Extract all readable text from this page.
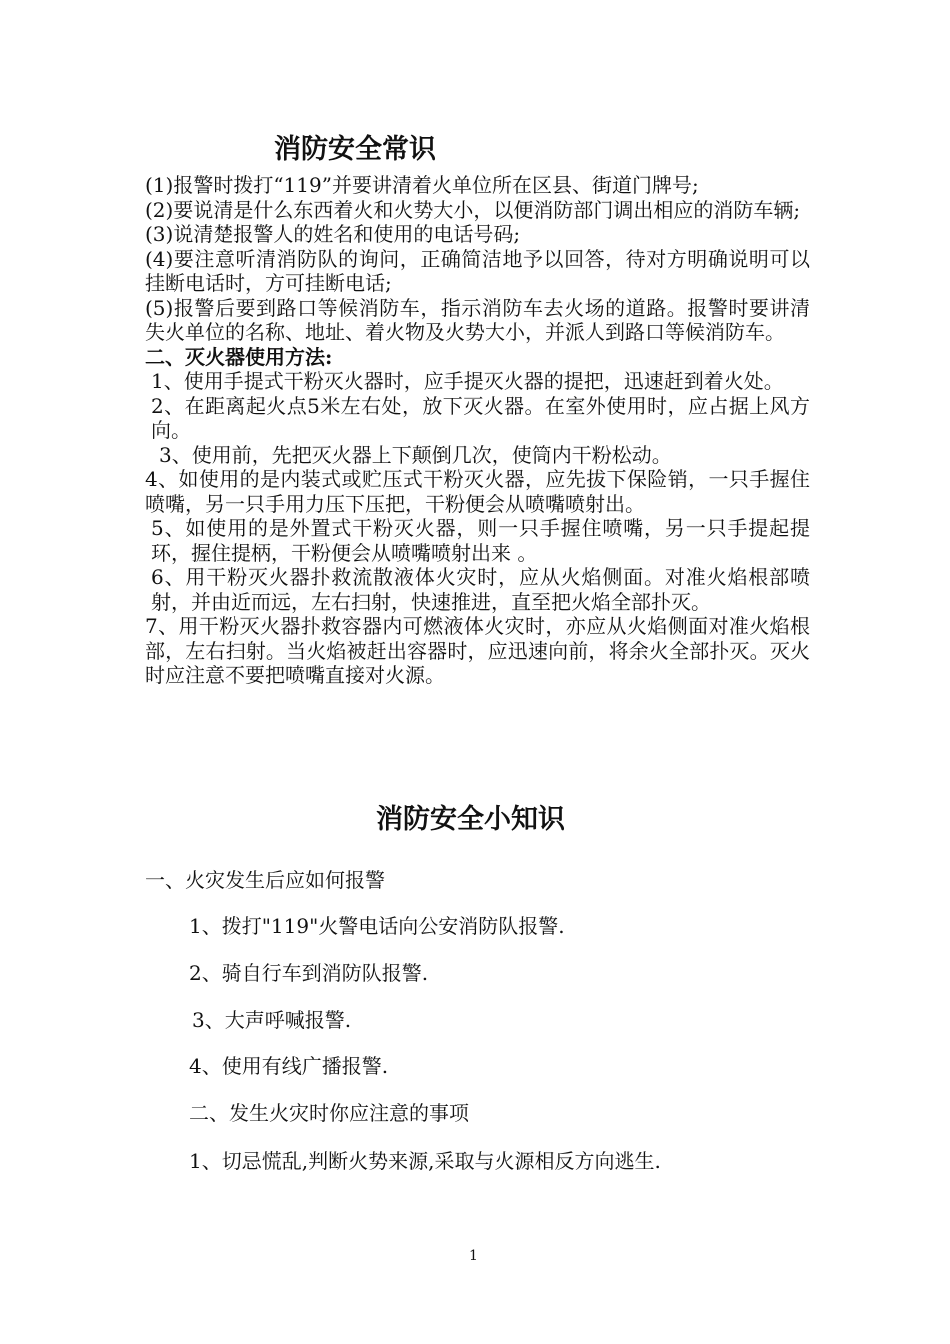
消防安全常识

(1)报警时拨打“119”并要讲清着火单位所在区县、街道门牌号;

(2)要说清是什么东西着火和火势大小，以便消防部门调出相应的消防车辆;

(3)说清楚报警人的姓名和使用的电话号码;

(4)要注意听清消防队的询问，正确简洁地予以回答，待对方明确说明可以挂断电话时，方可挂断电话;

(5)报警后要到路口等候消防车，指示消防车去火场的道路。报警时要讲清失火单位的名称、地址、着火物及火势大小，并派人到路口等候消防车。

二、灭火器使用方法:

1、使用手提式干粉灭火器时，应手提灭火器的提把，迅速赶到着火处。

2、在距离起火点5米左右处，放下灭火器。在室外使用时，应占据上风方向。

3、使用前，先把灭火器上下颠倒几次，使筒内干粉松动。

4、如使用的是内装式或贮压式干粉灭火器，应先拔下保险销，一只手握住喷嘴，另一只手用力压下压把，干粉便会从喷嘴喷射出。

5、如使用的是外置式干粉灭火器，则一只手握住喷嘴，另一只手提起提环，握住提柄，干粉便会从喷嘴喷射出来 。

6、用干粉灭火器扑救流散液体火灾时，应从火焰侧面。对准火焰根部喷射，并由近而远，左右扫射，快速推进，直至把火焰全部扑灭。

7、用干粉灭火器扑救容器内可燃液体火灾时，亦应从火焰侧面对准火焰根部，左右扫射。当火焰被赶出容器时，应迅速向前，将余火全部扑灭。灭火时应注意不要把喷嘴直接对火源。

消防安全小知识

一、火灾发生后应如何报警

1、拨打"119"火警电话向公安消防队报警.

2、骑自行车到消防队报警.

3、大声呼喊报警.

4、使用有线广播报警.

二、发生火灾时你应注意的事项

1、切忌慌乱,判断火势来源,采取与火源相反方向逃生.

1
